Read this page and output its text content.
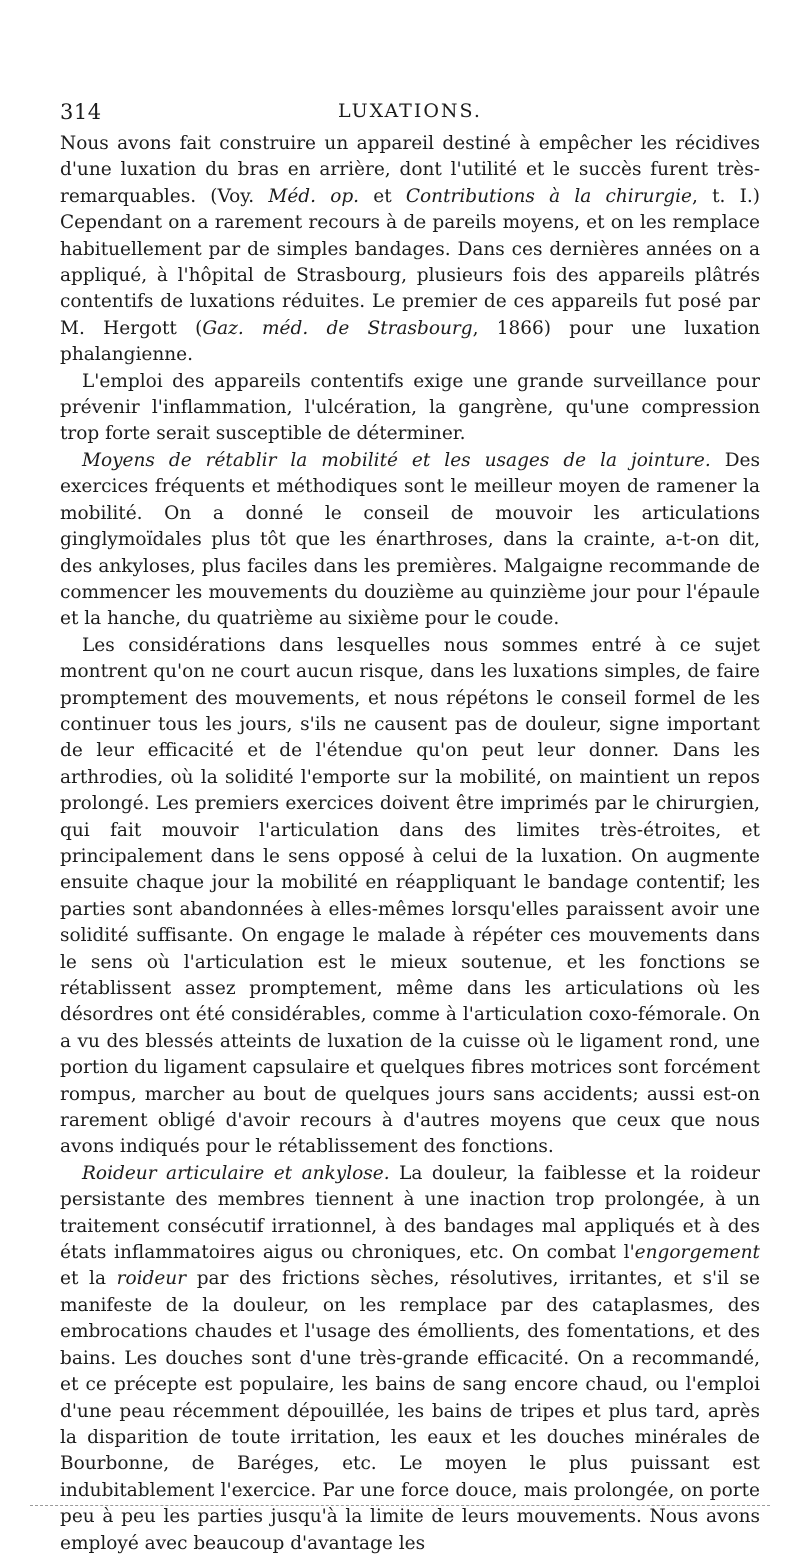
314	LUXATIONS.

Nous avons fait construire un appareil destiné à empêcher les récidives d'une luxation du bras en arrière, dont l'utilité et le succès furent très-remarquables. (Voy. Méd. op. et Contributions à la chirurgie, t. I.) Cependant on a rarement recours à de pareils moyens, et on les remplace habituellement par de simples bandages. Dans ces dernières années on a appliqué, à l'hôpital de Strasbourg, plusieurs fois des appareils plâtrés contentifs de luxations réduites. Le premier de ces appareils fut posé par M. Hergott (Gaz. méd. de Strasbourg, 1866) pour une luxation phalangienne.

L'emploi des appareils contentifs exige une grande surveillance pour prévenir l'inflammation, l'ulcération, la gangrène, qu'une compression trop forte serait susceptible de déterminer.

Moyens de rétablir la mobilité et les usages de la jointure. Des exercices fréquents et méthodiques sont le meilleur moyen de ramener la mobilité. On a donné le conseil de mouvoir les articulations ginglymoïdales plus tôt que les énarthroses, dans la crainte, a-t-on dit, des ankyloses, plus faciles dans les premières. Malgaigne recommande de commencer les mouvements du douzième au quinzième jour pour l'épaule et la hanche, du quatrième au sixième pour le coude.

Les considérations dans lesquelles nous sommes entré à ce sujet montrent qu'on ne court aucun risque, dans les luxations simples, de faire promptement des mouvements, et nous répétons le conseil formel de les continuer tous les jours, s'ils ne causent pas de douleur, signe important de leur efficacité et de l'étendue qu'on peut leur donner. Dans les arthrodies, où la solidité l'emporte sur la mobilité, on maintient un repos prolongé. Les premiers exercices doivent être imprimés par le chirurgien, qui fait mouvoir l'articulation dans des limites très-étroites, et principalement dans le sens opposé à celui de la luxation. On augmente ensuite chaque jour la mobilité en réappliquant le bandage contentif; les parties sont abandonnées à elles-mêmes lorsqu'elles paraissent avoir une solidité suffisante. On engage le malade à répéter ces mouvements dans le sens où l'articulation est le mieux soutenue, et les fonctions se rétablissent assez promptement, même dans les articulations où les désordres ont été considérables, comme à l'articulation coxo-fémorale. On a vu des blessés atteints de luxation de la cuisse où le ligament rond, une portion du ligament capsulaire et quelques fibres motrices sont forcément rompus, marcher au bout de quelques jours sans accidents; aussi est-on rarement obligé d'avoir recours à d'autres moyens que ceux que nous avons indiqués pour le rétablissement des fonctions.

Roideur articulaire et ankylose. La douleur, la faiblesse et la roideur persistante des membres tiennent à une inaction trop prolongée, à un traitement consécutif irrationnel, à des bandages mal appliqués et à des états inflammatoires aigus ou chroniques, etc. On combat l'engorgement et la roideur par des frictions sèches, résolutives, irritantes, et s'il se manifeste de la douleur, on les remplace par des cataplasmes, des embrocations chaudes et l'usage des émollients, des fomentations, et des bains. Les douches sont d'une très-grande efficacité. On a recommandé, et ce précepte est populaire, les bains de sang encore chaud, ou l'emploi d'une peau récemment dépouillée, les bains de tripes et plus tard, après la disparition de toute irritation, les eaux et les douches minérales de Bourbonne, de Baréges, etc. Le moyen le plus puissant est indubitablement l'exercice. Par une force douce, mais prolongée, on porte peu à peu les parties jusqu'à la limite de leurs mouvements. Nous avons employé avec beaucoup d'avantage les
